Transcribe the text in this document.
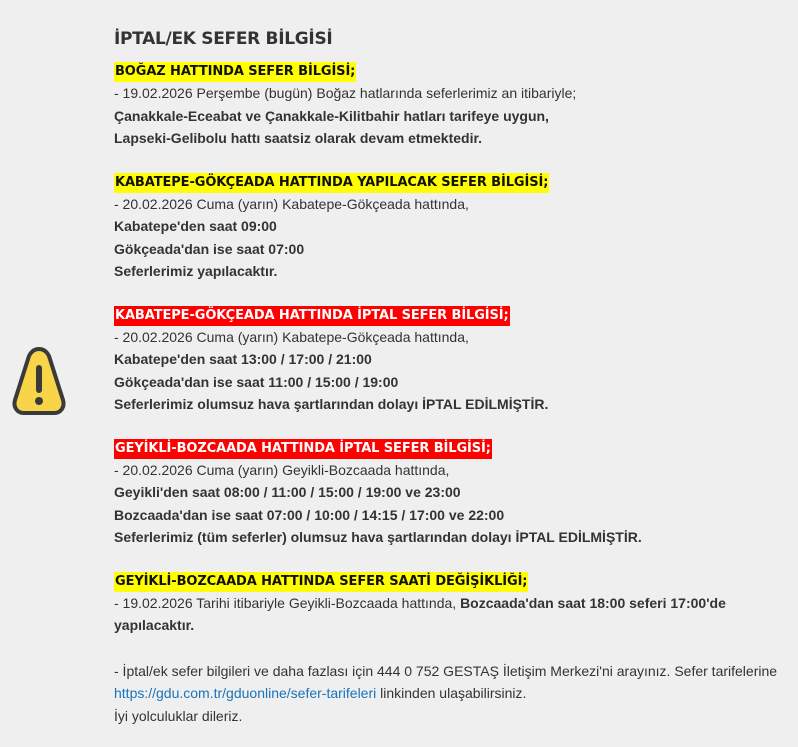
İPTAL/EK SEFER BİLGİSİ
BOĞAZ HATTINDA SEFER BİLGİSİ;

- 19.02.2026 Perşembe (bugün) Boğaz hatlarında seferlerimiz an itibariyle;

Çanakkale-Eceabat ve Çanakkale-Kilitbahir hatları tarifeye uygun,

Lapseki-Gelibolu hattı saatsiz olarak devam etmektedir.

KABATEPE-GÖKÇEADA HATTINDA YAPILACAK SEFER BİLGİSİ;

- 20.02.2026 Cuma (yarın) Kabatepe-Gökçeada hattında,

Kabatepe'den saat 09:00

Gökçeada'dan ise saat 07:00

Seferlerimiz yapılacaktır.

KABATEPE-GÖKÇEADA HATTINDA İPTAL SEFER BİLGİSİ;

- 20.02.2026 Cuma (yarın) Kabatepe-Gökçeada hattında,

Kabatepe'den saat 13:00 / 17:00 / 21:00

Gökçeada'dan ise saat 11:00 / 15:00 / 19:00

Seferlerimiz olumsuz hava şartlarından dolayı İPTAL EDİLMİŞTİR.

GEYİKLİ-BOZCAADA HATTINDA İPTAL SEFER BİLGİSİ;

- 20.02.2026 Cuma (yarın) Geyikli-Bozcaada hattında,

Geyikli'den saat 08:00 / 11:00 / 15:00 / 19:00 ve 23:00

Bozcaada'dan ise saat 07:00 / 10:00 / 14:15 / 17:00 ve 22:00

Seferlerimiz (tüm seferler) olumsuz hava şartlarından dolayı İPTAL EDİLMİŞTİR.

GEYİKLİ-BOZCAADA HATTINDA SEFER SAATİ DEĞİŞİKLİĞİ;

- 19.02.2026 Tarihi itibariyle Geyikli-Bozcaada hattında, Bozcaada'dan saat 18:00 seferi 17:00'de yapılacaktır.

- İptal/ek sefer bilgileri ve daha fazlası için 444 0 752 GESTAŞ İletişim Merkezi'ni arayınız. Sefer tarifelerine https://gdu.com.tr/gduonline/sefer-tarifeleri linkinden ulaşabilirsiniz.

İyi yolculuklar dileriz.
